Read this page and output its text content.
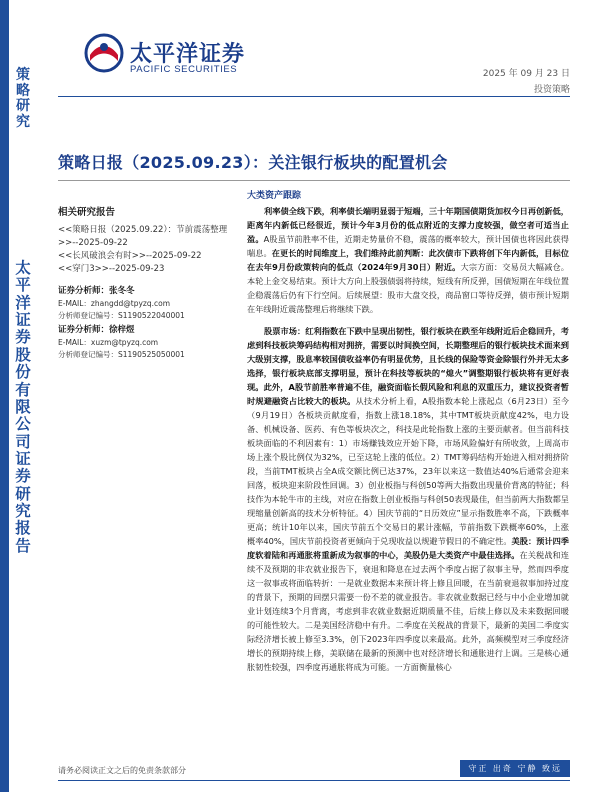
太平洋证券
PACIFIC SECURITIES	2025 年 09 月 23 日
投资策略
策略研究
太平洋证券股份有限公司证券研究报告
策略日报（2025.09.23）：关注银行板块的配置机会
相关研究报告
<<策略日报（2025.09.22）：节前震荡整理>>--2025-09-22
<<长风破浪会有时>>--2025-09-22
<<穿门3>>--2025-09-23
证券分析师：张冬冬
E-MAIL：zhangdd@tpyzq.com
分析师登记编号：S1190522040001
证券分析师：徐梓煜
E-MAIL：xuzm@tpyzq.com
分析师登记编号：S1190525050001
大类资产跟踪

利率债全线下跌，利率债长端明显弱于短端，三十年期国债期货加权今日再创新低，距离年内新低已经很近，预计今年3月份的低点附近的支撑力度较强，做空者可适当止盈。A股虽节前胜率不佳，近期走势量价不稳，震荡的概率较大，预计国债也将因此获得喘息。在更长的时间维度上，我们维持此前判断：此次债市下跌将创下年内新低，目标位在去年9月份政策转向的低点（2024年9月30日）附近。大宗方面：交易员大幅减仓。本轮上金交易结束。预计大方向上股强债弱将持续，短线有所反弹，国债短期在年线位置企稳震荡后仍有下行空间。后续展望：股市大盘交投，商品窗口等待反弹，债市预计短期在年线附近震荡整理后将继续下跌。

股票市场：红利指数在下跌中呈现出韧性，银行板块在跌至年线附近后企稳回升，考虑到科技板块筹码结构相对拥挤，需要以时间换空间，长期整理后的银行板块技术面来到大级别支撑，股息率较国债收益率仍有明显优势，且长线的保险等资金除银行外并无太多选择，银行板块底部支撑明显，预计在科技等板块的“熄火”调整期银行板块将有更好表现。此外，A股节前胜率普遍不佳，融资面临长假风险和利息的双重压力，建议投资者暂时规避融资占比较大的板块。从技术分析上看，A股指数本轮上涨起点（6月23日）至今（9月19日）各板块贡献度看，指数上涨18.18%，其中TMT板块贡献度42%，电力设备、机械设备、医药、有色等板块次之，科技是此轮指数上涨的主要贡献者。但当前科技板块面临的不利因素有：1）市场赚钱效应开始下降，市场风险偏好有所收敛，上周高市场上涨个股比例仅为32%，已至这轮上涨的低位。2）TMT筹码结构开始进入相对拥挤阶段，当前TMT板块占全A成交额比例已达37%，23年以来这一数值达40%后通常会迎来回落，板块迎来阶段性回调。3）创业板指与科创50等两大指数出现量价背离的特征；科技作为本轮牛市的主线，对应在指数上创业板指与科创50表现最佳，但当前两大指数都呈现缩量创新高的技术分析特征。4）国庆节前的“日历效应”显示指数胜率不高，下跌概率更高；统计10年以来，国庆节前五个交易日的累计涨幅，节前指数下跌概率60%，上涨概率40%，国庆节前投资者更倾向于兑现收益以规避节假日的不确定性。美股：预计四季度软着陆和再通胀将重新成为叙事的中心，美股仍是大类资产中最佳选择。在关税战和连续不及预期的非农就业报告下，衰退和降息在过去两个季度占据了叙事主导，然而四季度这一叙事或将面临转折：一是就业数据本来预计将上修且回暖，在当前衰退叙事加持过度的背景下，预期的回摆只需要一份不差的就业报告。非农就业数据已经与中小企业增加就业计划连续3个月背离，考虑到非农就业数据近期质量不佳，后续上修以及未来数据回暖的可能性较大。二是美国经济稳中有升。二季度在关税战的背景下，最新的美国二季度实际经济增长被上修至3.3%，创下2023年四季度以来最高。此外，高频模型对三季度经济增长的预期持续上修，美联储在最新的预测中也对经济增长和通胀进行上调。三是核心通胀韧性较强，四季度再通胀将成为可能。一方面衡量核心

请务必阅读正文之后的免责条款部分	守正 出奇 宁静 致远
